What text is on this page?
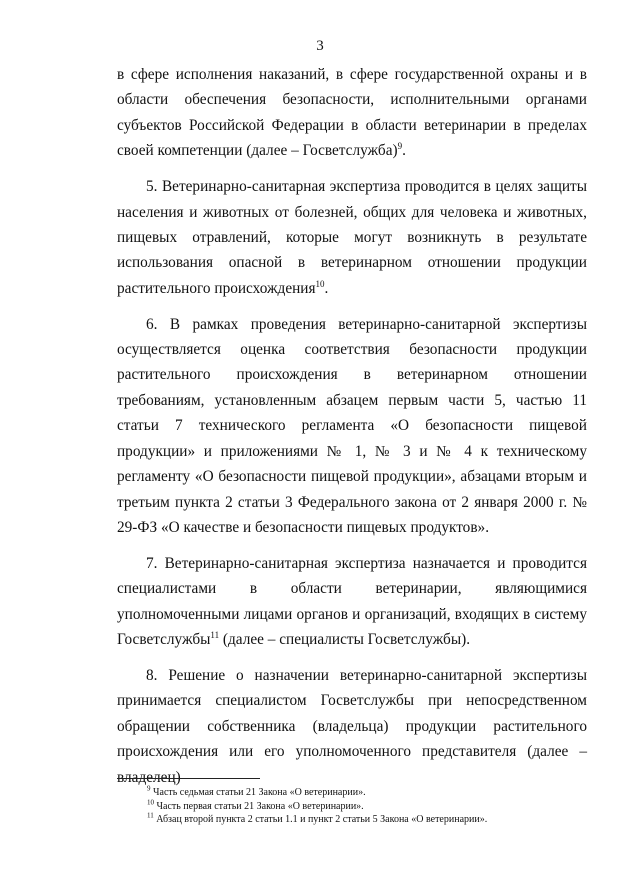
3

в сфере исполнения наказаний, в сфере государственной охраны и в области обеспечения безопасности, исполнительными органами субъектов Российской Федерации в области ветеринарии в пределах своей компетенции (далее – Госветслужба)$^9$.

5. Ветеринарно-санитарная экспертиза проводится в целях защиты населения и животных от болезней, общих для человека и животных, пищевых отравлений, которые могут возникнуть в результате использования опасной в ветеринарном отношении продукции растительного происхождения$^{10}$.

6. В рамках проведения ветеринарно-санитарной экспертизы осуществляется оценка соответствия безопасности продукции растительного происхождения в ветеринарном отношении требованиям, установленным абзацем первым части 5, частью 11 статьи 7 технического регламента «О безопасности пищевой продукции» и приложениями № 1, № 3 и № 4 к техническому регламенту «О безопасности пищевой продукции», абзацами вторым и третьим пункта 2 статьи 3 Федерального закона от 2 января 2000 г. № 29-ФЗ «О качестве и безопасности пищевых продуктов».

7. Ветеринарно-санитарная экспертиза назначается и проводится специалистами в области ветеринарии, являющимися уполномоченными лицами органов и организаций, входящих в систему Госветслужбы$^{11}$ (далее – специалисты Госветслужбы).

8. Решение о назначении ветеринарно-санитарной экспертизы принимается специалистом Госветслужбы при непосредственном обращении собственника (владельца) продукции растительного происхождения или его уполномоченного представителя (далее – владелец)

$^9$ Часть седьмая статьи 21 Закона «О ветеринарии».
$^{10}$ Часть первая статьи 21 Закона «О ветеринарии».
$^{11}$ Абзац второй пункта 2 статьи 1.1 и пункт 2 статьи 5 Закона «О ветеринарии».
